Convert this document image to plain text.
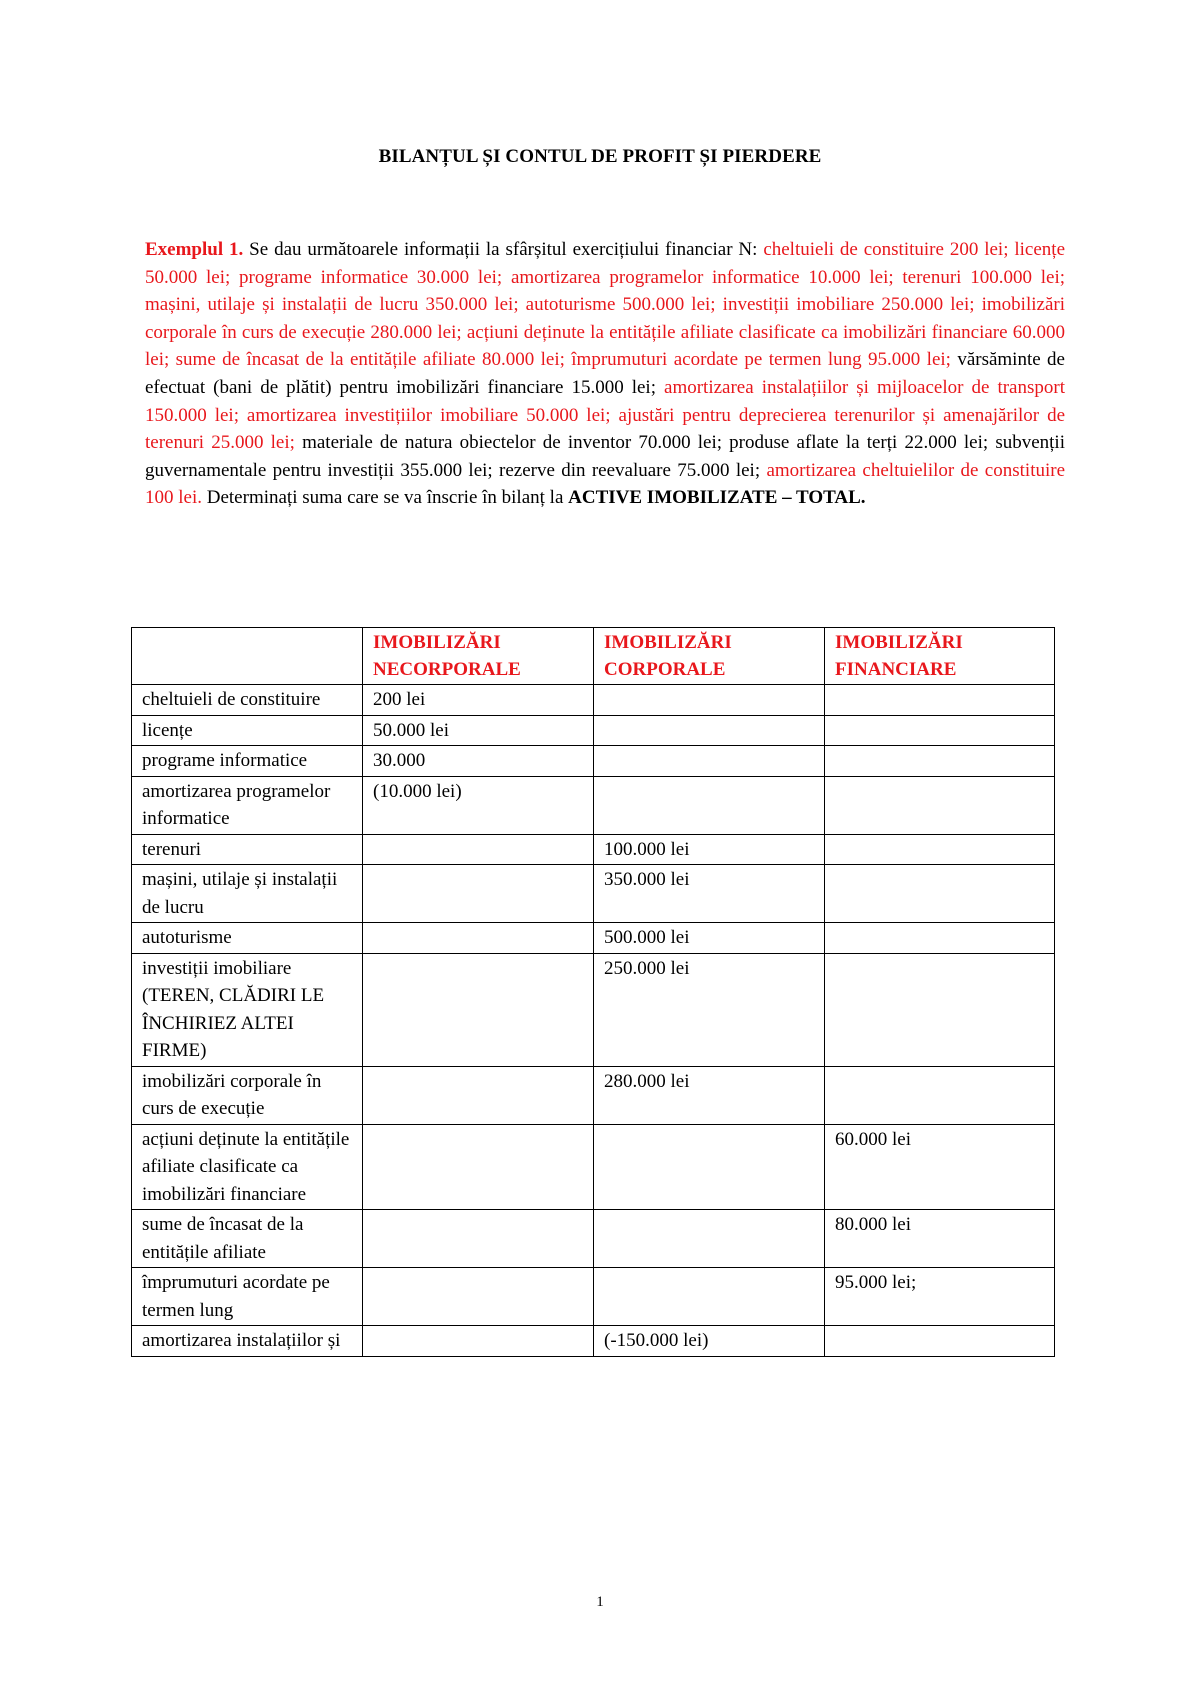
BILANȚUL ȘI CONTUL DE PROFIT ȘI PIERDERE
Exemplul 1. Se dau următoarele informații la sfârșitul exercițiului financiar N: cheltuieli de constituire 200 lei; licențe 50.000 lei; programe informatice 30.000 lei; amortizarea programelor informatice 10.000 lei; terenuri 100.000 lei; mașini, utilaje și instalații de lucru 350.000 lei; autoturisme 500.000 lei; investiții imobiliare 250.000 lei; imobilizări corporale în curs de execuție 280.000 lei; acțiuni deținute la entitățile afiliate clasificate ca imobilizări financiare 60.000 lei; sume de încasat de la entitățile afiliate 80.000 lei; împrumuturi acordate pe termen lung 95.000 lei; vărsăminte de efectuat (bani de plătit) pentru imobilizări financiare 15.000 lei; amortizarea instalațiilor și mijloacelor de transport 150.000 lei; amortizarea investițiilor imobiliare 50.000 lei; ajustări pentru deprecierea terenurilor și amenajărilor de terenuri 25.000 lei; materiale de natura obiectelor de inventor 70.000 lei; produse aflate la terți 22.000 lei; subvenții guvernamentale pentru investiții 355.000 lei; rezerve din reevaluare 75.000 lei; amortizarea cheltuielilor de constituire 100 lei. Determinați suma care se va înscrie în bilanț la ACTIVE IMOBILIZATE – TOTAL.
	IMOBILIZĂRI NECORPORALE	IMOBILIZĂRI CORPORALE	IMOBILIZĂRI FINANCIARE
cheltuieli de constituire	200 lei		
licențe	50.000 lei		
programe informatice	30.000		
amortizarea programelor informatice	(10.000 lei)		
terenuri		100.000 lei	
mașini, utilaje și instalații de lucru		350.000 lei	
autoturisme		500.000 lei	
investiții imobiliare (TEREN, CLĂDIRI LE ÎNCHIRIEZ ALTEI FIRME)		250.000 lei	
imobilizări corporale în curs de execuție		280.000 lei	
acțiuni deținute la entitățile afiliate clasificate ca imobilizări financiare			60.000 lei
sume de încasat de la entitățile afiliate			80.000 lei
împrumuturi acordate pe termen lung			95.000 lei;
amortizarea instalațiilor și		(-150.000 lei)	
1
